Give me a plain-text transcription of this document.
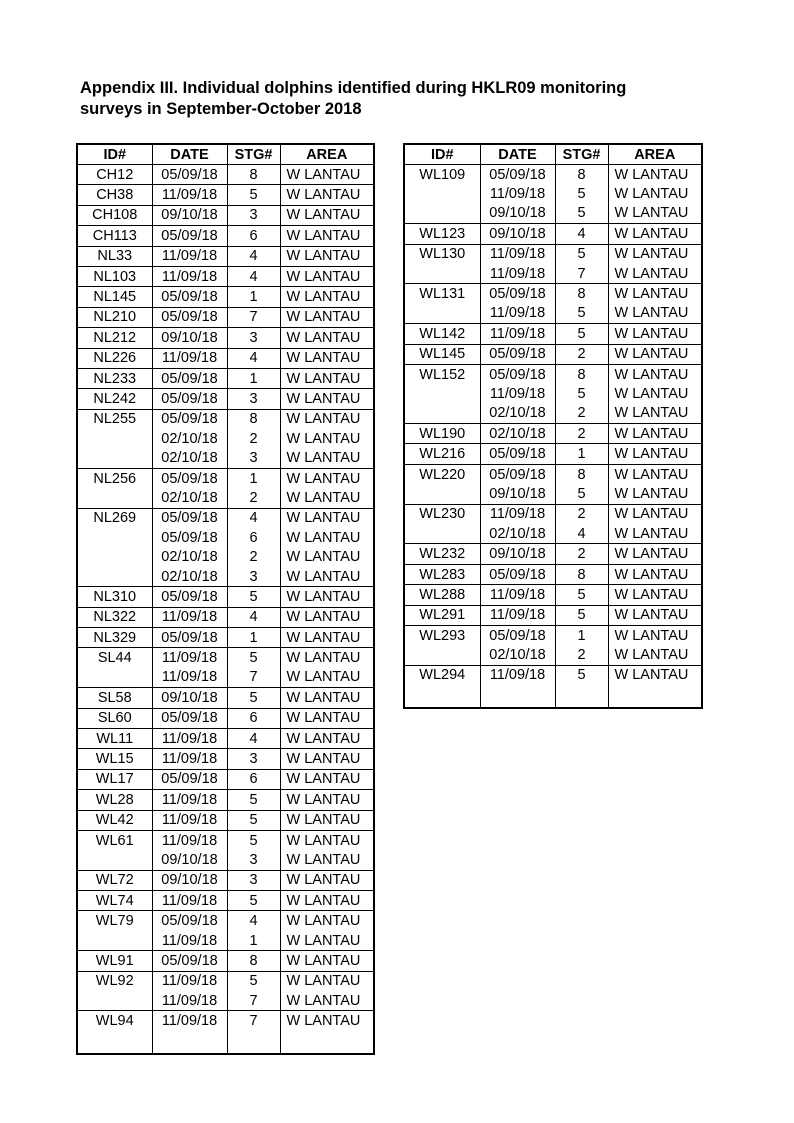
Appendix III. Individual dolphins identified during HKLR09 monitoring
surveys in September-October 2018
ID#	DATE	STG#	AREA
CH12	05/09/18	8	W LANTAU
CH38	11/09/18	5	W LANTAU
CH108	09/10/18	3	W LANTAU
CH113	05/09/18	6	W LANTAU
NL33	11/09/18	4	W LANTAU
NL103	11/09/18	4	W LANTAU
NL145	05/09/18	1	W LANTAU
NL210	05/09/18	7	W LANTAU
NL212	09/10/18	3	W LANTAU
NL226	11/09/18	4	W LANTAU
NL233	05/09/18	1	W LANTAU
NL242	05/09/18	3	W LANTAU
NL255	05/09/18	8	W LANTAU
	02/10/18	2	W LANTAU
	02/10/18	3	W LANTAU
NL256	05/09/18	1	W LANTAU
	02/10/18	2	W LANTAU
NL269	05/09/18	4	W LANTAU
	05/09/18	6	W LANTAU
	02/10/18	2	W LANTAU
	02/10/18	3	W LANTAU
NL310	05/09/18	5	W LANTAU
NL322	11/09/18	4	W LANTAU
NL329	05/09/18	1	W LANTAU
SL44	11/09/18	5	W LANTAU
	11/09/18	7	W LANTAU
SL58	09/10/18	5	W LANTAU
SL60	05/09/18	6	W LANTAU
WL11	11/09/18	4	W LANTAU
WL15	11/09/18	3	W LANTAU
WL17	05/09/18	6	W LANTAU
WL28	11/09/18	5	W LANTAU
WL42	11/09/18	5	W LANTAU
WL61	11/09/18	5	W LANTAU
	09/10/18	3	W LANTAU
WL72	09/10/18	3	W LANTAU
WL74	11/09/18	5	W LANTAU
WL79	05/09/18	4	W LANTAU
	11/09/18	1	W LANTAU
WL91	05/09/18	8	W LANTAU
WL92	11/09/18	5	W LANTAU
	11/09/18	7	W LANTAU
WL94	11/09/18	7	W LANTAU

ID#	DATE	STG#	AREA
WL109	05/09/18	8	W LANTAU
	11/09/18	5	W LANTAU
	09/10/18	5	W LANTAU
WL123	09/10/18	4	W LANTAU
WL130	11/09/18	5	W LANTAU
	11/09/18	7	W LANTAU
WL131	05/09/18	8	W LANTAU
	11/09/18	5	W LANTAU
WL142	11/09/18	5	W LANTAU
WL145	05/09/18	2	W LANTAU
WL152	05/09/18	8	W LANTAU
	11/09/18	5	W LANTAU
	02/10/18	2	W LANTAU
WL190	02/10/18	2	W LANTAU
WL216	05/09/18	1	W LANTAU
WL220	05/09/18	8	W LANTAU
	09/10/18	5	W LANTAU
WL230	11/09/18	2	W LANTAU
	02/10/18	4	W LANTAU
WL232	09/10/18	2	W LANTAU
WL283	05/09/18	8	W LANTAU
WL288	11/09/18	5	W LANTAU
WL291	11/09/18	5	W LANTAU
WL293	05/09/18	1	W LANTAU
	02/10/18	2	W LANTAU
WL294	11/09/18	5	W LANTAU
